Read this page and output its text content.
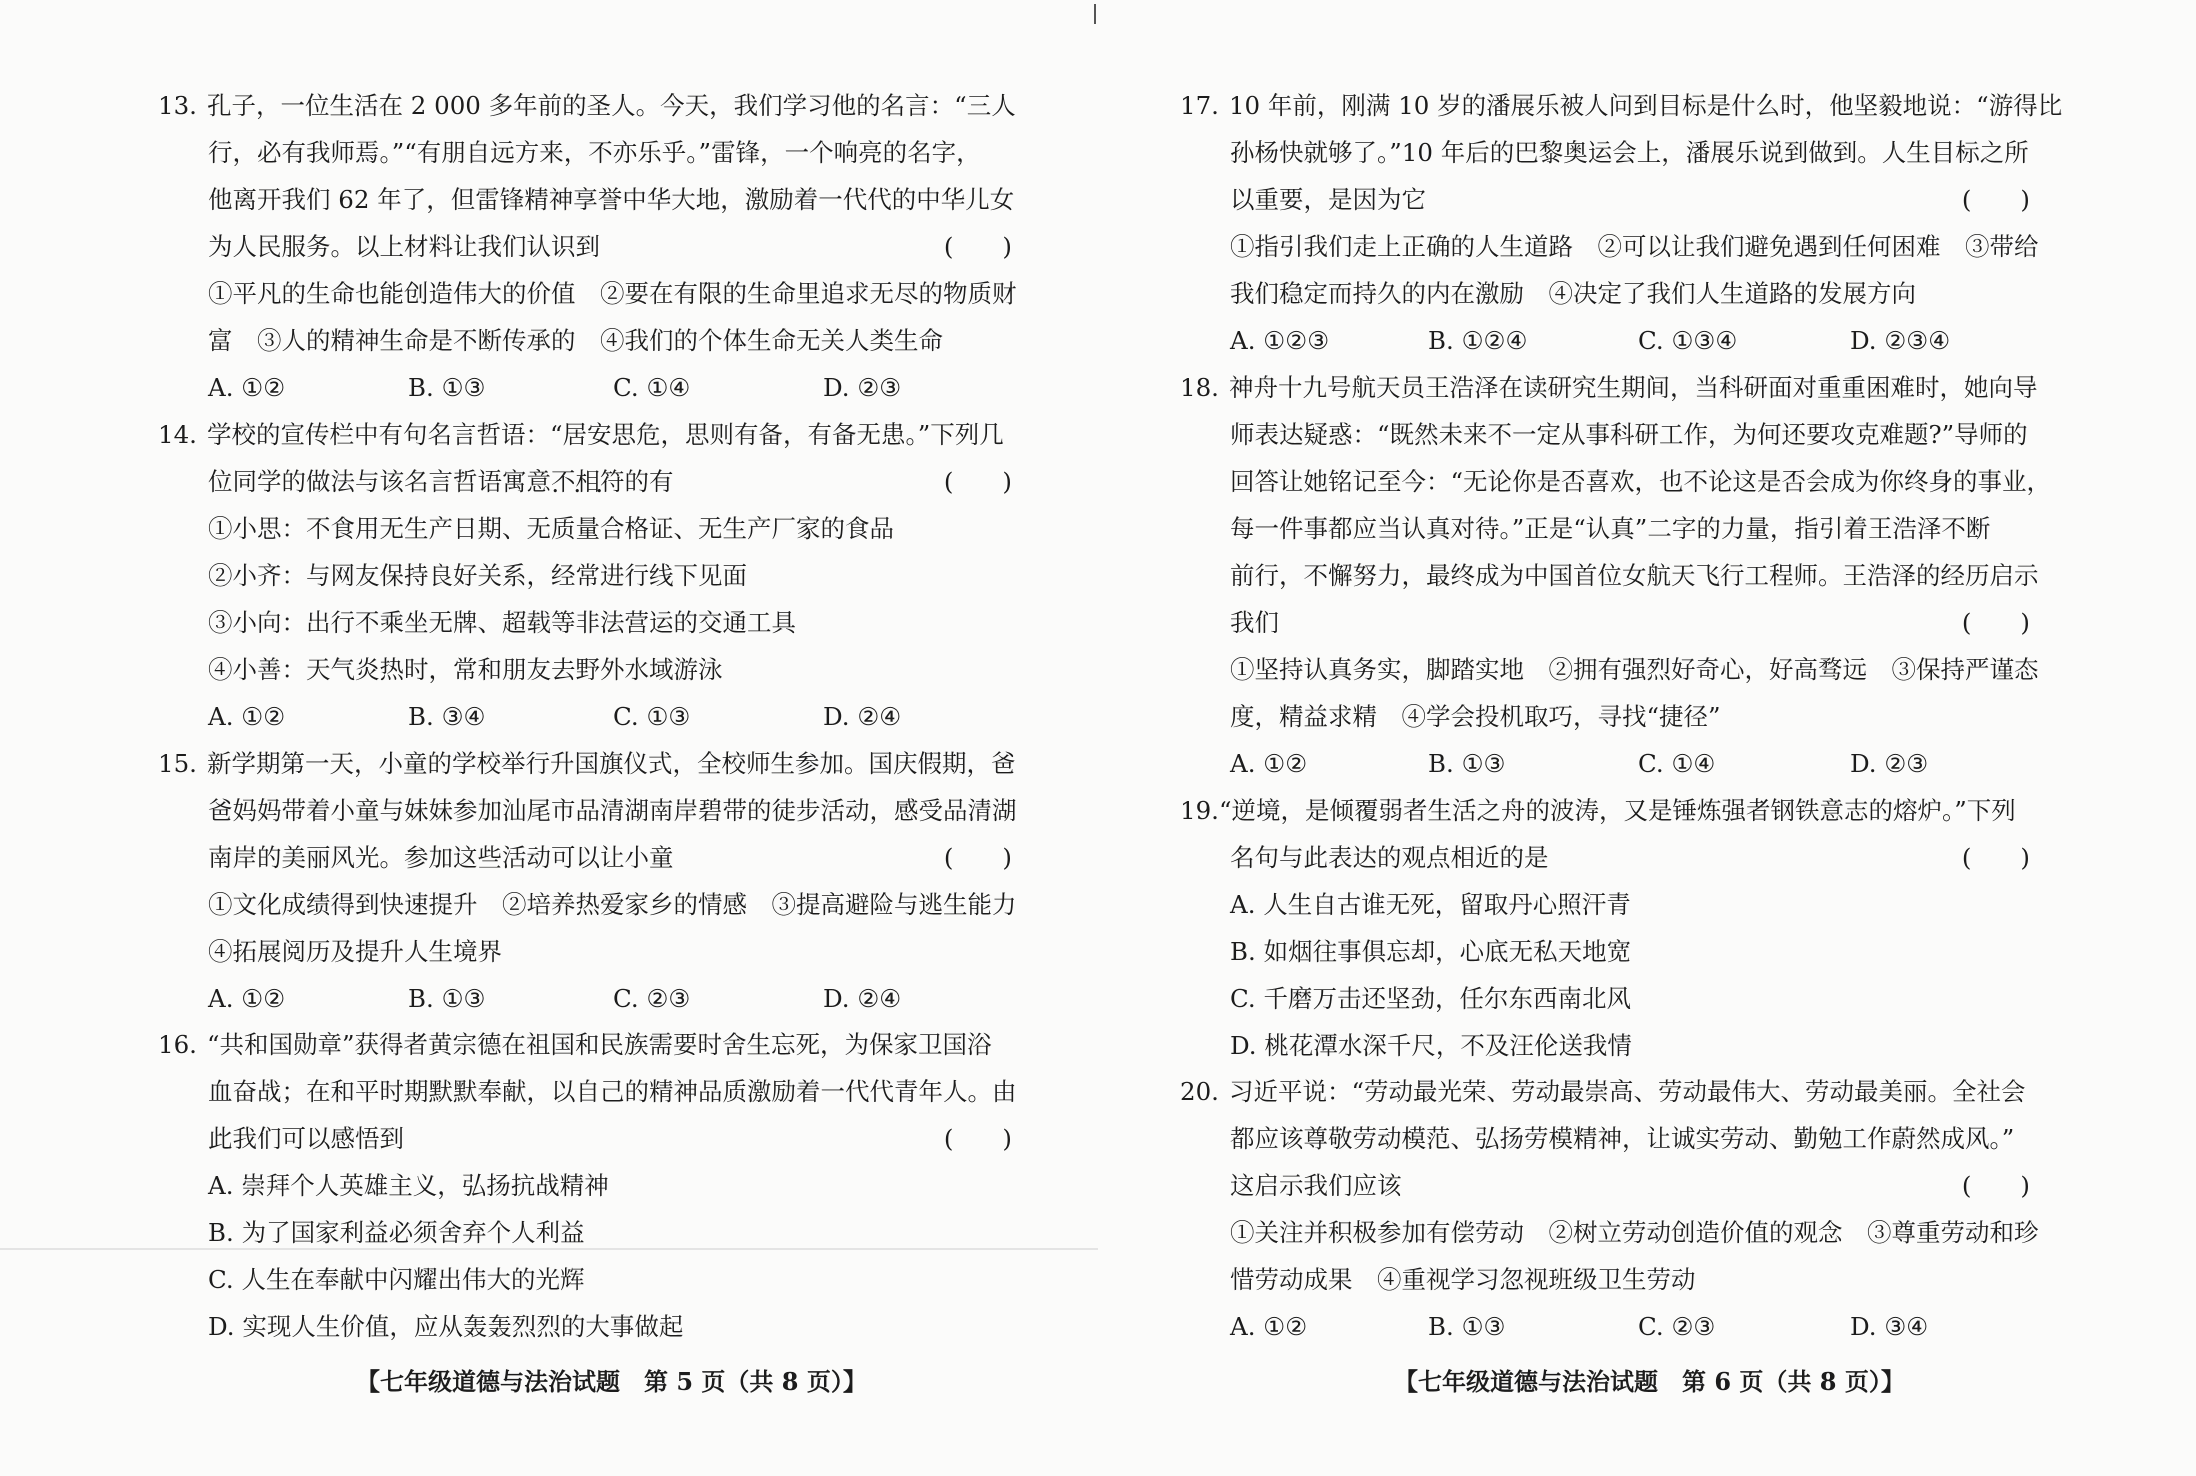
13. 孔子，一位生活在 2 000 多年前的圣人。今天，我们学习他的名言：“三人
行，必有我师焉。”“有朋自远方来，不亦乐乎。”雷锋，一个响亮的名字，
他离开我们 62 年了，但雷锋精神享誉中华大地，激励着一代代的中华儿女
为人民服务。以上材料让我们认识到	(　　)
①平凡的生命也能创造伟大的价值　②要在有限的生命里追求无尽的物质财
富　③人的精神生命是不断传承的　④我们的个体生命无关人类生命
A. ①②	B. ①③	C. ①④	D. ②③
14. 学校的宣传栏中有句名言哲语：“居安思危，思则有备，有备无患。”下列几
位同学的做法与该名言哲语寓意不相符的有
• • •	(　　)
①小思：不食用无生产日期、无质量合格证、无生产厂家的食品
②小齐：与网友保持良好关系，经常进行线下见面
③小向：出行不乘坐无牌、超载等非法营运的交通工具
④小善：天气炎热时，常和朋友去野外水域游泳
A. ①②	B. ③④	C. ①③	D. ②④
15. 新学期第一天，小童的学校举行升国旗仪式，全校师生参加。国庆假期，爸
爸妈妈带着小童与妹妹参加汕尾市品清湖南岸碧带的徒步活动，感受品清湖
南岸的美丽风光。参加这些活动可以让小童	(　　)
①文化成绩得到快速提升　②培养热爱家乡的情感　③提高避险与逃生能力
④拓展阅历及提升人生境界
A. ①②	B. ①③	C. ②③	D. ②④
16. “共和国勋章”获得者黄宗德在祖国和民族需要时舍生忘死，为保家卫国浴
血奋战；在和平时期默默奉献，以自己的精神品质激励着一代代青年人。由
此我们可以感悟到	(　　)
A. 崇拜个人英雄主义，弘扬抗战精神
B. 为了国家利益必须舍弃个人利益
C. 人生在奉献中闪耀出伟大的光辉
D. 实现人生价值，应从轰轰烈烈的大事做起
【七年级道德与法治试题　第 5 页（共 8 页）】
17. 10 年前，刚满 10 岁的潘展乐被人问到目标是什么时，他坚毅地说：“游得比
孙杨快就够了。”10 年后的巴黎奥运会上，潘展乐说到做到。人生目标之所
以重要，是因为它	(　　)
①指引我们走上正确的人生道路　②可以让我们避免遇到任何困难　③带给
我们稳定而持久的内在激励　④决定了我们人生道路的发展方向
A. ①②③	B. ①②④	C. ①③④	D. ②③④
18. 神舟十九号航天员王浩泽在读研究生期间，当科研面对重重困难时，她向导
师表达疑惑：“既然未来不一定从事科研工作，为何还要攻克难题?”导师的
回答让她铭记至今：“无论你是否喜欢，也不论这是否会成为你终身的事业，
每一件事都应当认真对待。”正是“认真”二字的力量，指引着王浩泽不断
前行，不懈努力，最终成为中国首位女航天飞行工程师。王浩泽的经历启示
我们	(　　)
①坚持认真务实，脚踏实地　②拥有强烈好奇心，好高骛远　③保持严谨态
度，精益求精　④学会投机取巧，寻找“捷径”
A. ①②	B. ①③	C. ①④	D. ②③
19.“逆境，是倾覆弱者生活之舟的波涛，又是锤炼强者钢铁意志的熔炉。”下列
名句与此表达的观点相近的是	(　　)
A. 人生自古谁无死，留取丹心照汗青
B. 如烟往事俱忘却，心底无私天地宽
C. 千磨万击还坚劲，任尔东西南北风
D. 桃花潭水深千尺，不及汪伦送我情
20. 习近平说：“劳动最光荣、劳动最崇高、劳动最伟大、劳动最美丽。全社会
都应该尊敬劳动模范、弘扬劳模精神，让诚实劳动、勤勉工作蔚然成风。”
这启示我们应该	(　　)
①关注并积极参加有偿劳动　②树立劳动创造价值的观念　③尊重劳动和珍
惜劳动成果　④重视学习忽视班级卫生劳动
A. ①②	B. ①③	C. ②③	D. ③④
【七年级道德与法治试题　第 6 页（共 8 页）】
